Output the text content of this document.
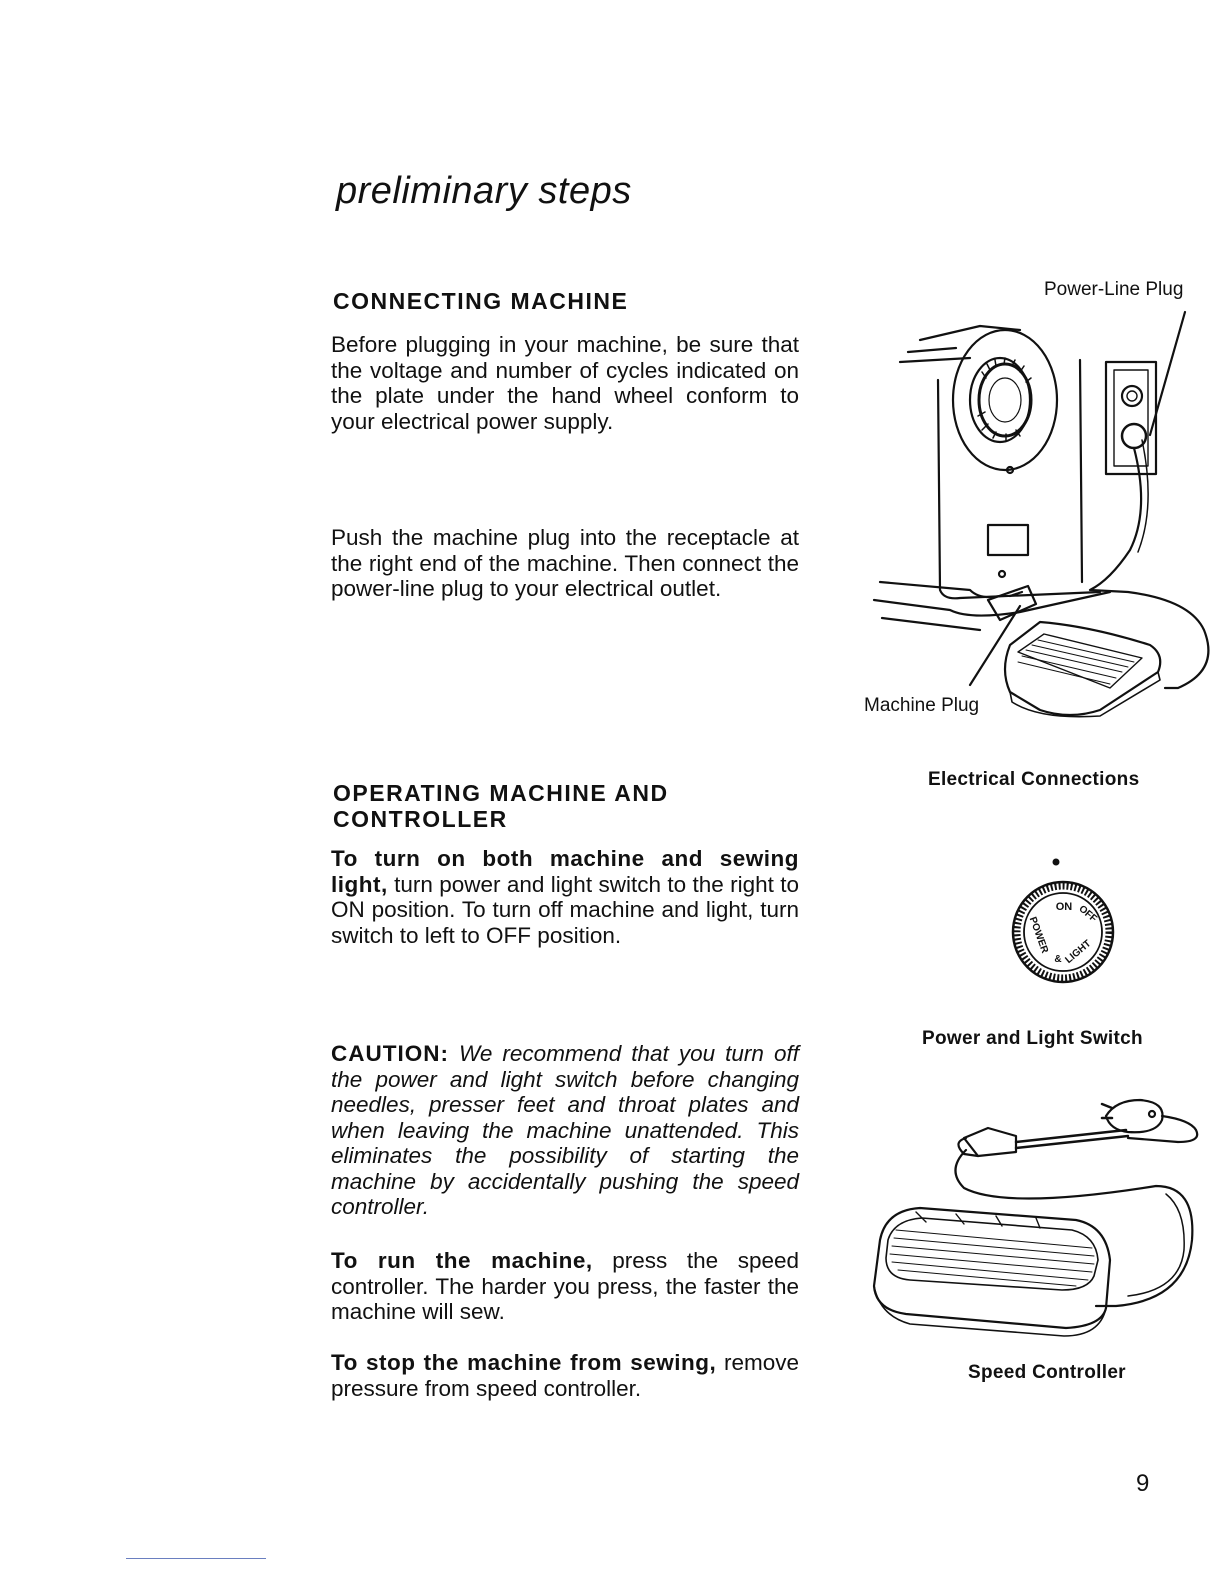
preliminary steps
CONNECTING MACHINE

Before plugging in your machine, be sure that the voltage and number of cycles indicated on the plate under the hand wheel conform to your electrical power supply.

Push the machine plug into the receptacle at the right end of the machine. Then connect the power-line plug to your electrical outlet.

OPERATING MACHINE AND
CONTROLLER

To turn on both machine and sewing light, turn power and light switch to the right to ON position. To turn off machine and light, turn switch to left to OFF position.

CAUTION: We recommend that you turn off the power and light switch before changing needles, presser feet and throat plates and when leaving the machine unattended. This eliminates the possibility of starting the machine by accidentally pushing the speed controller.

To run the machine, press the speed controller. The harder you press, the faster the machine will sew.

To stop the machine from sewing, remove pressure from speed controller.

Power-Line Plug
Machine Plug
Electrical Connections
ON OFF
POWER
& LIGHT
Power and Light Switch
Speed Controller
9
